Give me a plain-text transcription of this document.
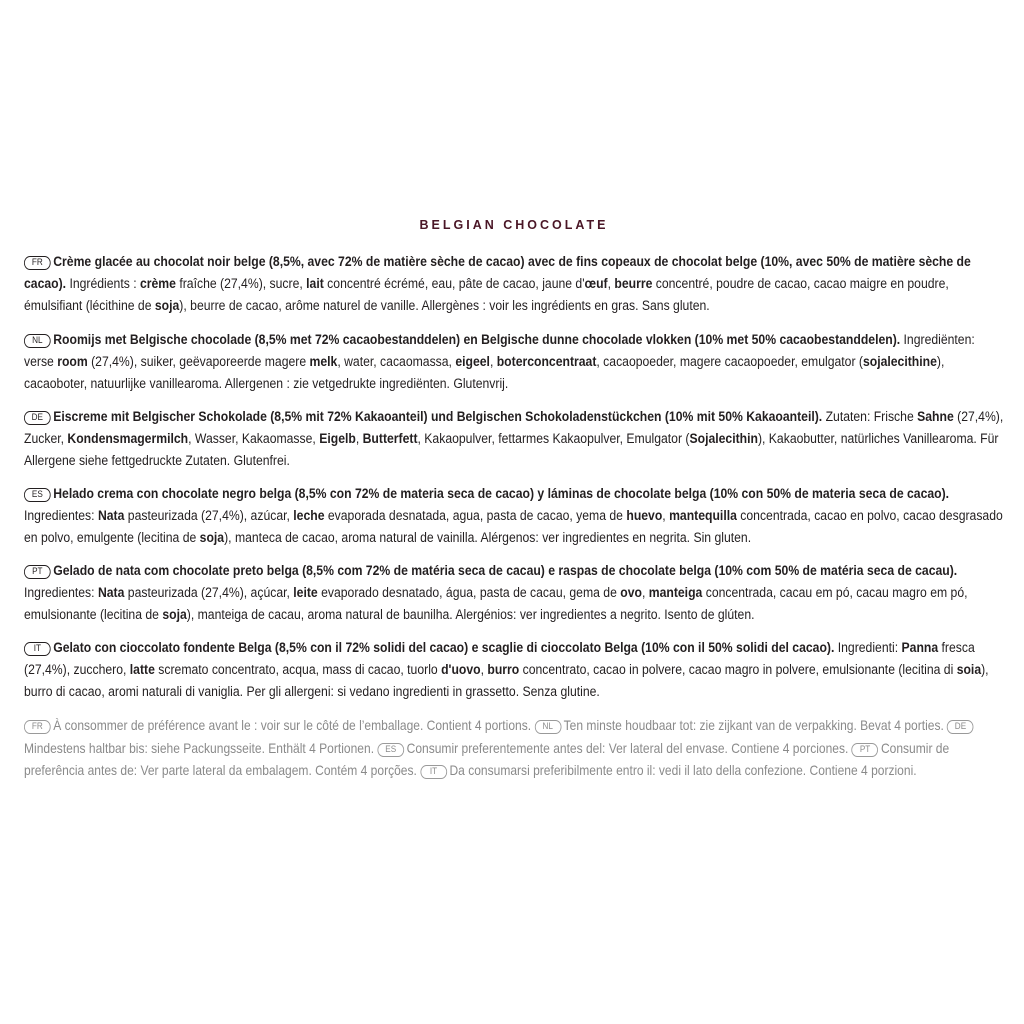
BELGIAN CHOCOLATE

FR Crème glacée au chocolat noir belge (8,5%, avec 72% de matière sèche de cacao) avec de fins copeaux de chocolat belge (10%, avec 50% de matière sèche de cacao). Ingrédients : crème fraîche (27,4%), sucre, lait concentré écrémé, eau, pâte de cacao, jaune d'œuf, beurre concentré, poudre de cacao, cacao maigre en poudre, émulsifiant (lécithine de soja), beurre de cacao, arôme naturel de vanille. Allergènes : voir les ingrédients en gras. Sans gluten.

NL Roomijs met Belgische chocolade (8,5% met 72% cacaobestanddelen) en Belgische dunne chocolade vlokken (10% met 50% cacaobestanddelen). Ingrediënten: verse room (27,4%), suiker, geëvaporeerde magere melk, water, cacaomassa, eigeel, boterconcentraat, cacaopoeder, magere cacaopoeder, emulgator (sojalecithine), cacaoboter, natuurlijke vanillearoma. Allergenen : zie vetgedrukte ingrediënten. Glutenvrij.

DE Eiscreme mit Belgischer Schokolade (8,5% mit 72% Kakaoanteil) und Belgischen Schokoladenstückchen (10% mit 50% Kakaoanteil). Zutaten: Frische Sahne (27,4%), Zucker, Kondensmagermilch, Wasser, Kakaomasse, Eigelb, Butterfett, Kakaopulver, fettarmes Kakaopulver, Emulgator (Sojalecithin), Kakaobutter, natürliches Vanillearoma. Für Allergene siehe fettgedruckte Zutaten. Glutenfrei.

ES Helado crema con chocolate negro belga (8,5% con 72% de materia seca de cacao) y láminas de chocolate belga (10% con 50% de materia seca de cacao). Ingredientes: Nata pasteurizada (27,4%), azúcar, leche evaporada desnatada, agua, pasta de cacao, yema de huevo, mantequilla concentrada, cacao en polvo, cacao desgrasado en polvo, emulgente (lecitina de soja), manteca de cacao, aroma natural de vainilla. Alérgenos: ver ingredientes en negrita. Sin gluten.

PT Gelado de nata com chocolate preto belga (8,5% com 72% de matéria seca de cacau) e raspas de chocolate belga (10% com 50% de matéria seca de cacau). Ingredientes: Nata pasteurizada (27,4%), açúcar, leite evaporado desnatado, água, pasta de cacau, gema de ovo, manteiga concentrada, cacau em pó, cacau magro em pó, emulsionante (lecitina de soja), manteiga de cacau, aroma natural de baunilha. Alergénios: ver ingredientes a negrito. Isento de glúten.

IT Gelato con cioccolato fondente Belga (8,5% con il 72% solidi del cacao) e scaglie di cioccolato Belga (10% con il 50% solidi del cacao). Ingredienti: Panna fresca (27,4%), zucchero, latte scremato concentrato, acqua, mass di cacao, tuorlo d'uovo, burro concentrato, cacao in polvere, cacao magro in polvere, emulsionante (lecitina di soia), burro di cacao, aromi naturali di vaniglia. Per gli allergeni: si vedano ingredienti in grassetto. Senza glutine.

FR À consommer de préférence avant le : voir sur le côté de l’emballage. Contient 4 portions. NL Ten minste houdbaar tot: zie zijkant van de verpakking. Bevat 4 porties. DEMindestens haltbar bis: siehe Packungsseite. Enthält 4 Portionen. ES Consumir preferentemente antes del: Ver lateral del envase. Contiene 4 porciones. PT Consumir de preferência antes de: Ver parte lateral da embalagem. Contém 4 porções. IT Da consumarsi preferibilmente entro il: vedi il lato della confezione. Contiene 4 porzioni.
